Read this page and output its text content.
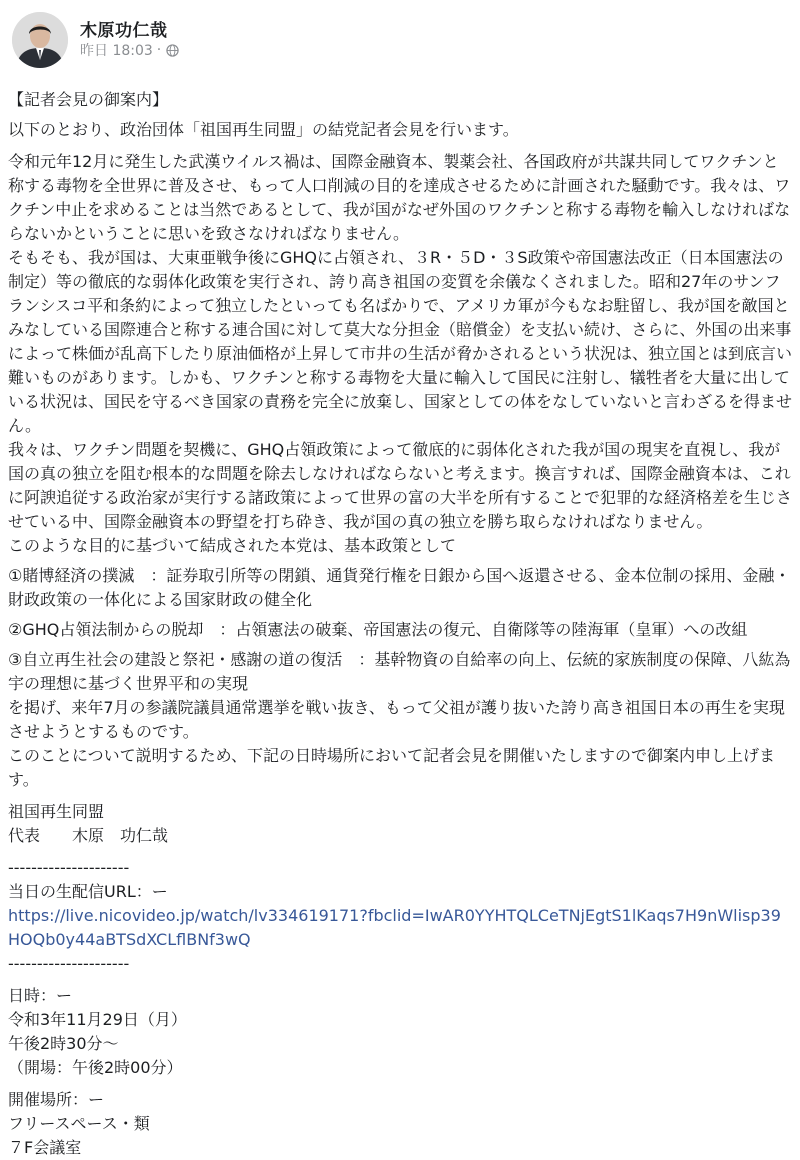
木原功仁哉
昨日 18:03 ·

【記者会見の御案内】

以下のとおり、政治団体「祖国再生同盟」の結党記者会見を行います。

令和元年12月に発生した武漢ウイルス禍は、国際金融資本、製薬会社、各国政府が共謀共同してワクチンと称する毒物を全世界に普及させ、もって人口削減の目的を達成させるために計画された騒動です。我々は、ワクチン中止を求めることは当然であるとして、我が国がなぜ外国のワクチンと称する毒物を輸入しなければならないかということに思いを致さなければなりません。

そもそも、我が国は、大東亜戦争後にGHQに占領され、３R・５D・３S政策や帝国憲法改正（日本国憲法の制定）等の徹底的な弱体化政策を実行され、誇り高き祖国の変質を余儀なくされました。昭和27年のサンフランシスコ平和条約によって独立したといっても名ばかりで、アメリカ軍が今もなお駐留し、我が国を敵国とみなしている国際連合と称する連合国に対して莫大な分担金（賠償金）を支払い続け、さらに、外国の出来事によって株価が乱高下したり原油価格が上昇して市井の生活が脅かされるという状況は、独立国とは到底言い難いものがあります。しかも、ワクチンと称する毒物を大量に輸入して国民に注射し、犠牲者を大量に出している状況は、国民を守るべき国家の責務を完全に放棄し、国家としての体をなしていないと言わざるを得ません。

我々は、ワクチン問題を契機に、GHQ占領政策によって徹底的に弱体化された我が国の現実を直視し、我が国の真の独立を阻む根本的な問題を除去しなければならないと考えます。換言すれば、国際金融資本は、これに阿諛追従する政治家が実行する諸政策によって世界の富の大半を所有することで犯罪的な経済格差を生じさせている中、国際金融資本の野望を打ち砕き、我が国の真の独立を勝ち取らなければなりません。

このような目的に基づいて結成された本党は、基本政策として

①賭博経済の撲滅　：証券取引所等の閉鎖、通貨発行権を日銀から国へ返還させる、金本位制の採用、金融・財政政策の一体化による国家財政の健全化

②GHQ占領法制からの脱却　：占領憲法の破棄、帝国憲法の復元、自衛隊等の陸海軍（皇軍）への改組

③自立再生社会の建設と祭祀・感謝の道の復活　：基幹物資の自給率の向上、伝統的家族制度の保障、八紘為宇の理想に基づく世界平和の実現

を掲げ、来年7月の参議院議員通常選挙を戦い抜き、もって父祖が護り抜いた誇り高き祖国日本の再生を実現させようとするものです。

このことについて説明するため、下記の日時場所において記者会見を開催いたしますので御案内申し上げます。

祖国再生同盟

代表　　木原　功仁哉

---------------------

当日の生配信URL：ー

https://live.nicovideo.jp/watch/lv334619171?fbclid=IwAR0YYHTQLCeTNjEgtS1lKaqs7H9nWlisp39HOQb0y44aBTSdXCLflBNf3wQ

---------------------

日時：ー

令和3年11月29日（月）

午後2時30分〜

（開場：午後2時00分）

開催場所：ー

フリースペース・類

７F会議室
